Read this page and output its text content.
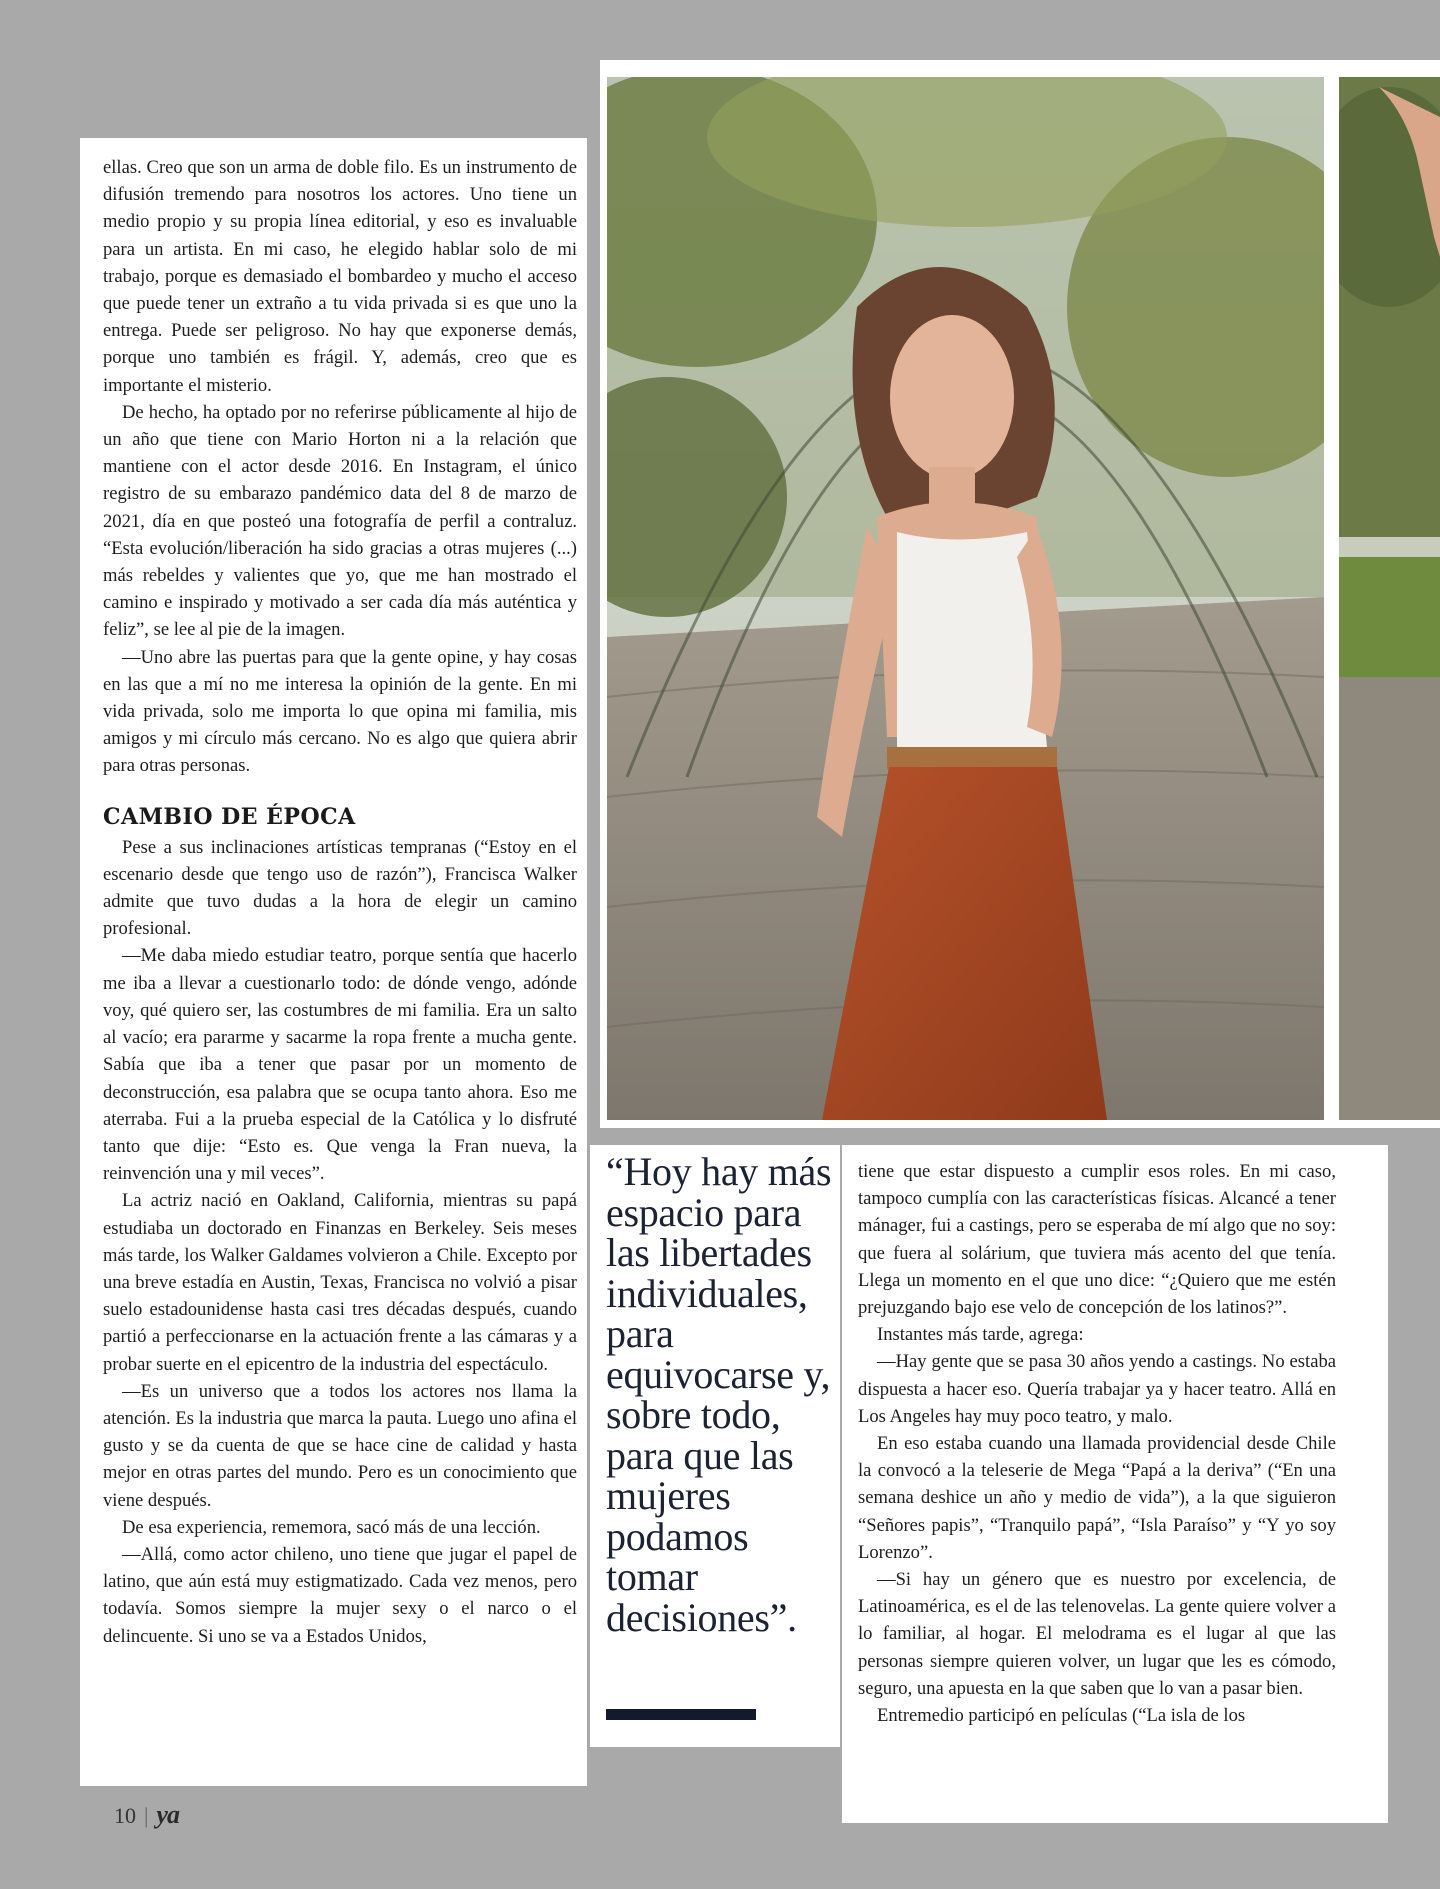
ellas. Creo que son un arma de doble filo. Es un instrumento de difusión tremendo para nosotros los actores. Uno tiene un medio propio y su propia línea editorial, y eso es invaluable para un artista. En mi caso, he elegido hablar solo de mi trabajo, porque es demasiado el bombardeo y mucho el acceso que puede tener un extraño a tu vida privada si es que uno la entrega. Puede ser peligroso. No hay que exponerse demás, porque uno también es frágil. Y, además, creo que es importante el misterio.

De hecho, ha optado por no referirse públicamente al hijo de un año que tiene con Mario Horton ni a la relación que mantiene con el actor desde 2016. En Instagram, el único registro de su embarazo pandémico data del 8 de marzo de 2021, día en que posteó una fotografía de perfil a contraluz. “Esta evolución/liberación ha sido gracias a otras mujeres (...) más rebeldes y valientes que yo, que me han mostrado el camino e inspirado y motivado a ser cada día más auténtica y feliz”, se lee al pie de la imagen.

—Uno abre las puertas para que la gente opine, y hay cosas en las que a mí no me interesa la opinión de la gente. En mi vida privada, solo me importa lo que opina mi familia, mis amigos y mi círculo más cercano. No es algo que quiera abrir para otras personas.

CAMBIO DE ÉPOCA

Pese a sus inclinaciones artísticas tempranas (“Estoy en el escenario desde que tengo uso de razón”), Francisca Walker admite que tuvo dudas a la hora de elegir un camino profesional.

—Me daba miedo estudiar teatro, porque sentía que hacerlo me iba a llevar a cuestionarlo todo: de dónde vengo, adónde voy, qué quiero ser, las costumbres de mi familia. Era un salto al vacío; era pararme y sacarme la ropa frente a mucha gente. Sabía que iba a tener que pasar por un momento de deconstrucción, esa palabra que se ocupa tanto ahora. Eso me aterraba. Fui a la prueba especial de la Católica y lo disfruté tanto que dije: “Esto es. Que venga la Fran nueva, la reinvención una y mil veces”.

La actriz nació en Oakland, California, mientras su papá estudiaba un doctorado en Finanzas en Berkeley. Seis meses más tarde, los Walker Galdames volvieron a Chile. Excepto por una breve estadía en Austin, Texas, Francisca no volvió a pisar suelo estadounidense hasta casi tres décadas después, cuando partió a perfeccionarse en la actuación frente a las cámaras y a probar suerte en el epicentro de la industria del espectáculo.

—Es un universo que a todos los actores nos llama la atención. Es la industria que marca la pauta. Luego uno afina el gusto y se da cuenta de que se hace cine de calidad y hasta mejor en otras partes del mundo. Pero es un conocimiento que viene después.

De esa experiencia, rememora, sacó más de una lección.

—Allá, como actor chileno, uno tiene que jugar el papel de latino, que aún está muy estigmatizado. Cada vez menos, pero todavía. Somos siempre la mujer sexy o el narco o el delincuente. Si uno se va a Estados Unidos,

“Hoy hay más espacio para las libertades individuales, para equivocarse y, sobre todo, para que las mujeres podamos tomar decisiones”.

tiene que estar dispuesto a cumplir esos roles. En mi caso, tampoco cumplía con las características físicas. Alcancé a tener mánager, fui a castings, pero se esperaba de mí algo que no soy: que fuera al solárium, que tuviera más acento del que tenía. Llega un momento en el que uno dice: “¿Quiero que me estén prejuzgando bajo ese velo de concepción de los latinos?”.

Instantes más tarde, agrega:

—Hay gente que se pasa 30 años yendo a castings. No estaba dispuesta a hacer eso. Quería trabajar ya y hacer teatro. Allá en Los Angeles hay muy poco teatro, y malo.

En eso estaba cuando una llamada providencial desde Chile la convocó a la teleserie de Mega “Papá a la deriva” (“En una semana deshice un año y medio de vida”), a la que siguieron “Señores papis”, “Tranquilo papá”, “Isla Paraíso” y “Y yo soy Lorenzo”.

—Si hay un género que es nuestro por excelencia, de Latinoamérica, es el de las telenovelas. La gente quiere volver a lo familiar, al hogar. El melodrama es el lugar al que las personas siempre quieren volver, un lugar que les es cómodo, seguro, una apuesta en la que saben que lo van a pasar bien.

Entremedio participó en películas (“La isla de los

10 | ya
